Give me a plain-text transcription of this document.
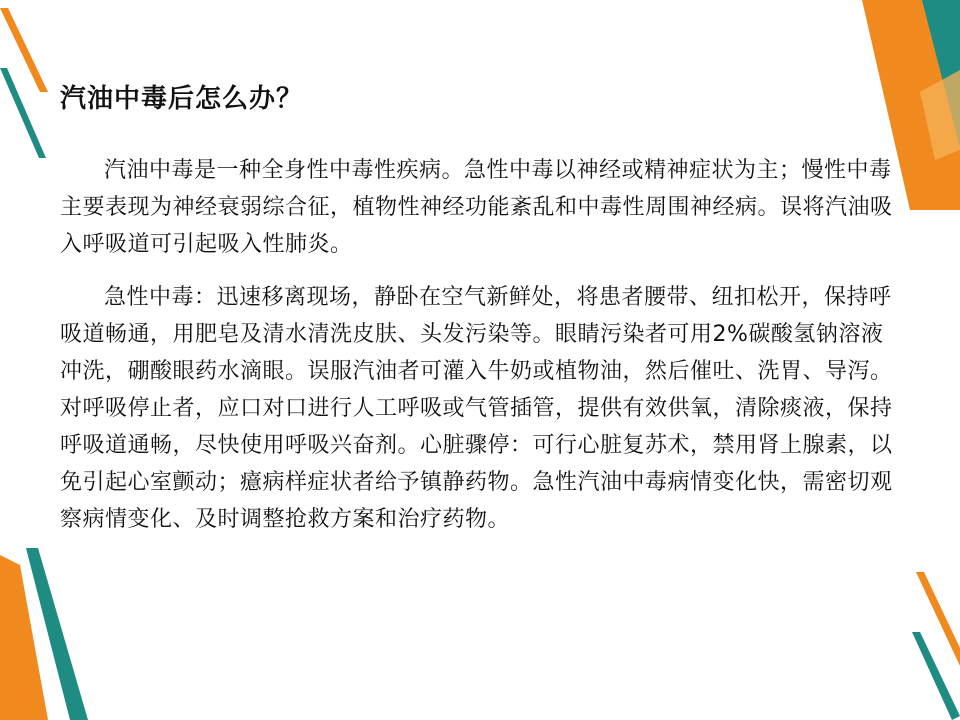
汽油中毒后怎么办？

汽油中毒是一种全身性中毒性疾病。急性中毒以神经或精神症状为主；慢性中毒主要表现为神经衰弱综合征，植物性神经功能紊乱和中毒性周围神经病。误将汽油吸入呼吸道可引起吸入性肺炎。

急性中毒：迅速移离现场，静卧在空气新鲜处，将患者腰带、纽扣松开，保持呼吸道畅通，用肥皂及清水清洗皮肤、头发污染等。眼睛污染者可用2%碳酸氢钠溶液冲洗，硼酸眼药水滴眼。误服汽油者可灌入牛奶或植物油，然后催吐、洗胃、导泻。对呼吸停止者，应口对口进行人工呼吸或气管插管，提供有效供氧，清除痰液，保持呼吸道通畅，尽快使用呼吸兴奋剂。心脏骤停：可行心脏复苏术，禁用肾上腺素，以免引起心室颤动；癔病样症状者给予镇静药物。急性汽油中毒病情变化快，需密切观察病情变化、及时调整抢救方案和治疗药物。
